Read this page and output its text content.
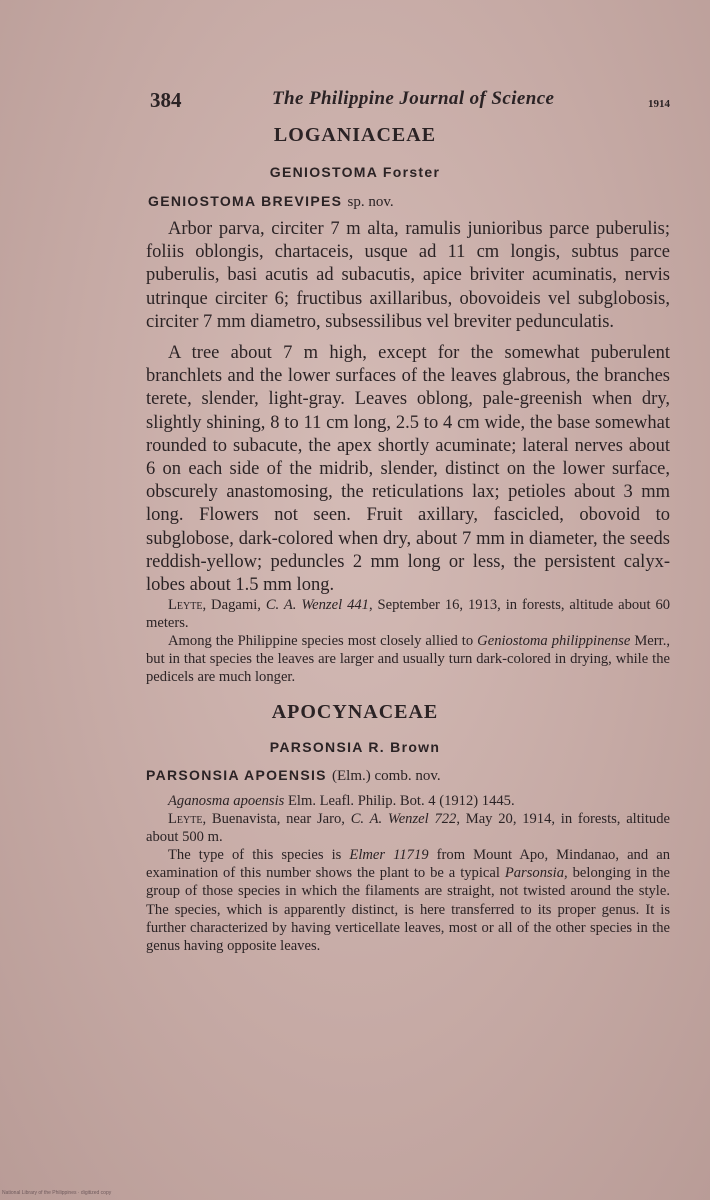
384	The Philippine Journal of Science	1914
LOGANIACEAE
GENIOSTOMA Forster
GENIOSTOMA BREVIPES sp. nov.

Arbor parva, circiter 7 m alta, ramulis junioribus parce puberulis; foliis oblongis, chartaceis, usque ad 11 cm longis, subtus parce puberulis, basi acutis ad subacutis, apice briviter acuminatis, nervis utrinque circiter 6; fructibus axillaribus, obovoideis vel subglobosis, circiter 7 mm diametro, subsessilibus vel breviter pedunculatis.

A tree about 7 m high, except for the somewhat puberulent branchlets and the lower surfaces of the leaves glabrous, the branches terete, slender, light-gray. Leaves oblong, pale-greenish when dry, slightly shining, 8 to 11 cm long, 2.5 to 4 cm wide, the base somewhat rounded to subacute, the apex shortly acuminate; lateral nerves about 6 on each side of the midrib, slender, distinct on the lower surface, obscurely anastomosing, the reticulations lax; petioles about 3 mm long. Flowers not seen. Fruit axillary, fascicled, obovoid to subglobose, dark-colored when dry, about 7 mm in diameter, the seeds reddish-yellow; peduncles 2 mm long or less, the persistent calyx-lobes about 1.5 mm long.

Leyte, Dagami, C. A. Wenzel 441, September 16, 1913, in forests, altitude about 60 meters.

Among the Philippine species most closely allied to Geniostoma philippinense Merr., but in that species the leaves are larger and usually turn dark-colored in drying, while the pedicels are much longer.

APOCYNACEAE
PARSONSIA R. Brown
PARSONSIA APOENSIS (Elm.) comb. nov.

Aganosma apoensis Elm. Leafl. Philip. Bot. 4 (1912) 1445.

Leyte, Buenavista, near Jaro, C. A. Wenzel 722, May 20, 1914, in forests, altitude about 500 m.

The type of this species is Elmer 11719 from Mount Apo, Mindanao, and an examination of this number shows the plant to be a typical Parsonsia, belonging in the group of those species in which the filaments are straight, not twisted around the style. The species, which is apparently distinct, is here transferred to its proper genus. It is further characterized by having verticellate leaves, most or all of the other species in the genus having opposite leaves.

National Library of the Philippines · digitized copy
